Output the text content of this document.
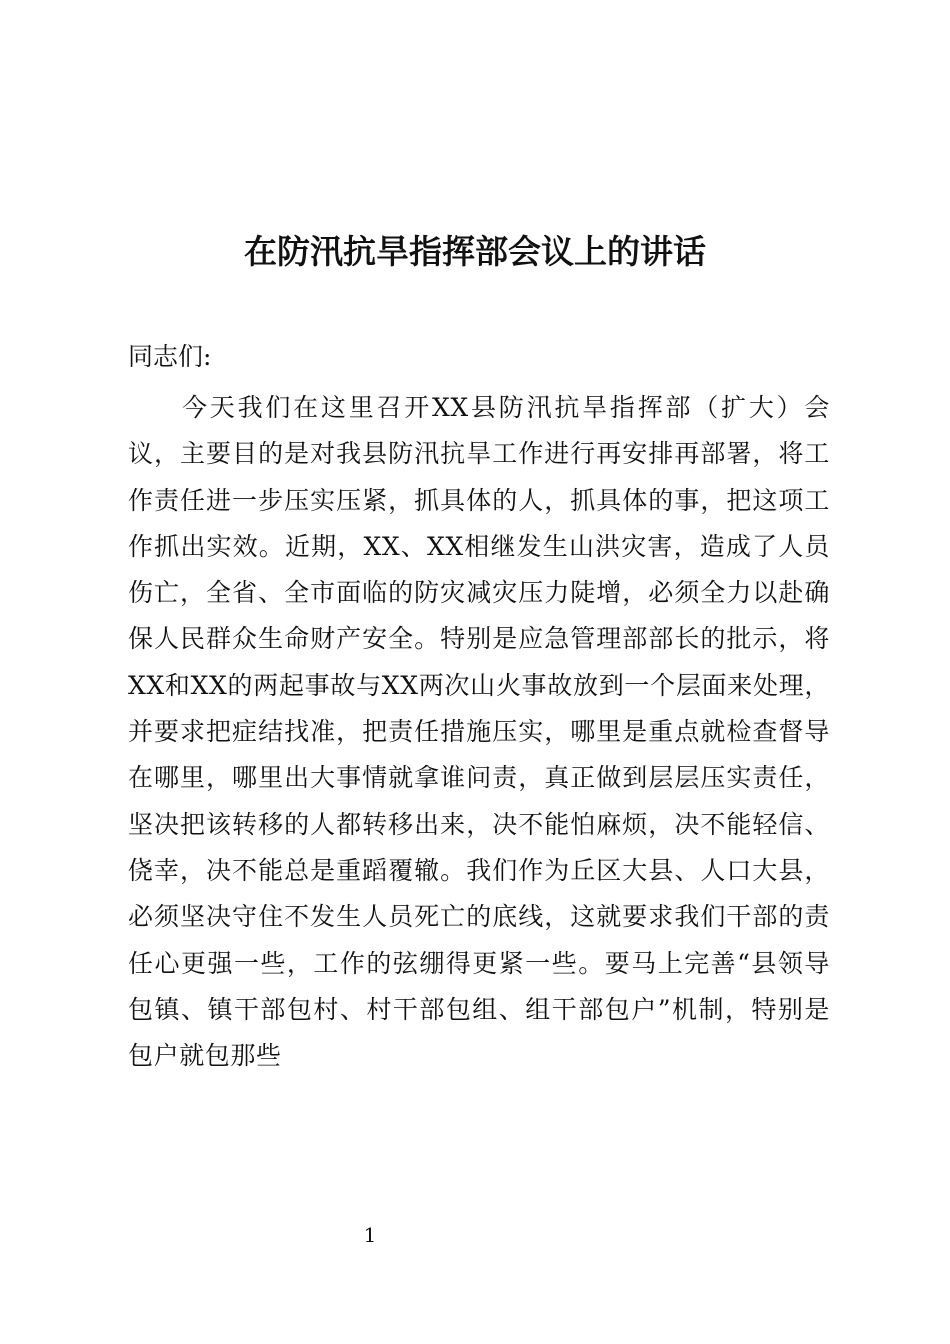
在防汛抗旱指挥部会议上的讲话
同志们:

今天我们在这里召开XX县防汛抗旱指挥部（扩大）会议，主要目的是对我县防汛抗旱工作进行再安排再部署，将工作责任进一步压实压紧，抓具体的人，抓具体的事，把这项工作抓出实效。近期，XX、XX相继发生山洪灾害，造成了人员伤亡，全省、全市面临的防灾减灾压力陡增，必须全力以赴确保人民群众生命财产安全。特别是应急管理部部长的批示，将XX和XX的两起事故与XX两次山火事故放到一个层面来处理，并要求把症结找准，把责任措施压实，哪里是重点就检查督导在哪里，哪里出大事情就拿谁问责，真正做到层层压实责任，坚决把该转移的人都转移出来，决不能怕麻烦，决不能轻信、侥幸，决不能总是重蹈覆辙。我们作为丘区大县、人口大县，必须坚决守住不发生人员死亡的底线，这就要求我们干部的责任心更强一些，工作的弦绷得更紧一些。要马上完善“县领导包镇、镇干部包村、村干部包组、组干部包户”机制，特别是包户就包那些

1
